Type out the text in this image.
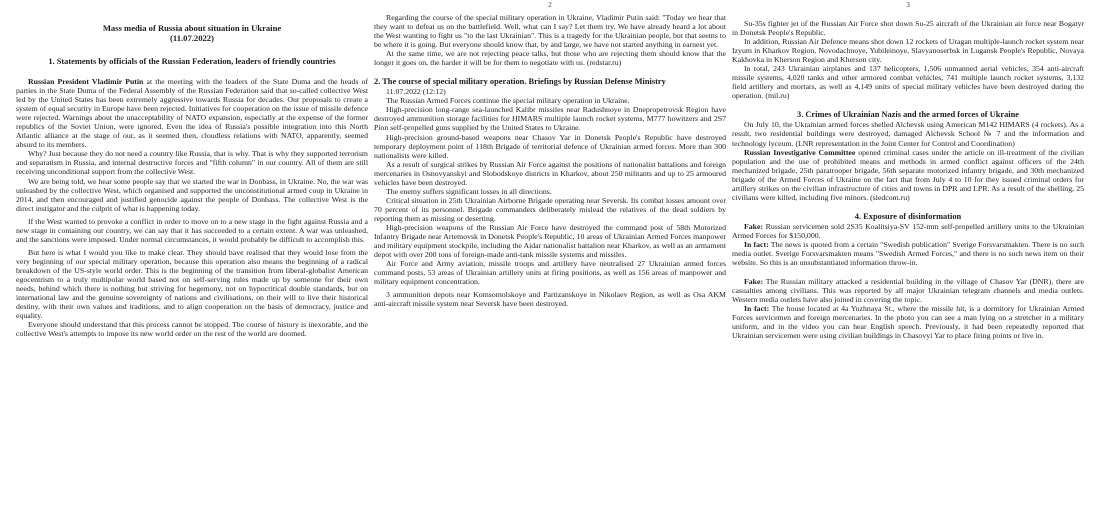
Mass media of Russia about situation in Ukraine

(11.07.2022)

1. Statements by officials of the Russian Federation, leaders of friendly countries

Russian President Vladimir Putin at the meeting with the leaders of the State Duma and the heads of parties in the State Duma of the Federal Assembly of the Russian Federation said that so-called collective West led by the United States has been extremely aggressive towards Russia for decades. Our proposals to create a system of equal security in Europe have been rejected. Initiatives for cooperation on the issue of missile defence were rejected. Warnings about the unacceptability of NATO expansion, especially at the expense of the former republics of the Soviet Union, were ignored. Even the idea of Russia's possible integration into this North Atlantic alliance at the stage of our, as it seemed then, cloudless relations with NATO, apparently, seemed absurd to its members.

Why? Just because they do not need a country like Russia, that is why. That is why they supported terrorism and separatism in Russia, and internal destructive forces and "fifth column" in our country. All of them are still receiving unconditional support from the collective West.

We are being told, we hear some people say that we started the war in Donbass, in Ukraine. No, the war was unleashed by the collective West, which organised and supported the unconstitutional armed coup in Ukraine in 2014, and then encouraged and justified genocide against the people of Donbass. The collective West is the direct instigator and the culprit of what is happening today.

If the West wanted to provoke a conflict in order to move on to a new stage in the fight against Russia and a new stage in containing our country, we can say that it has succeeded to a certain extent. A war was unleashed, and the sanctions were imposed. Under normal circumstances, it would probably be difficult to accomplish this.

But here is what I would you like to make clear. They should have realised that they would lose from the very beginning of our special military operation, because this operation also means the beginning of a radical breakdown of the US-style world order. This is the beginning of the transition from liberal-globalist American egocentrism to a truly multipolar world based not on self-serving rules made up by someone for their own needs, behind which there is nothing but striving for hegemony, not on hypocritical double standards, but on international law and the genuine sovereignty of nations and civilisations, on their will to live their historical destiny, with their own values and traditions, and to align cooperation on the basis of democracy, justice and equality.

Everyone should understand that this process cannot be stopped. The course of history is inexorable, and the collective West's attempts to impose its new world order on the rest of the world are doomed.

2

Regarding the course of the special military operation in Ukraine, Vladimir Putin said: "Today we hear that they want to defeat us on the battlefield. Well, what can I say? Let them try. We have already heard a lot about the West wanting to fight us "to the last Ukrainian". This is a tragedy for the Ukrainian people, but that seems to be where it is going. But everyone should know that, by and large, we have not started anything in earnest yet.

At the same time, we are not rejecting peace talks, but those who are rejecting them should know that the longer it goes on, the harder it will be for them to negotiate with us. (redstar.ru)

2. The course of special military operation. Briefings by Russian Defense Ministry

11.07.2022 (12:12)

The Russian Armed Forces continue the special military operation in Ukraine.

High-precision long-range sea-launched Kalibr missiles near Radushnoye in Dnepropetrovsk Region have destroyed ammunition storage facilities for HIMARS multiple launch rocket systems, M777 howitzers and 2S7 Pion self-propelled guns supplied by the United States to Ukraine.

High-precision ground-based weapons near Chasov Yar in Donetsk People's Republic have destroyed temporary deployment point of 118th Brigade of territorial defence of Ukrainian armed forces. More than 300 nationalists were killed.

As a result of surgical strikes by Russian Air Force against the positions of nationalist battalions and foreign mercenaries in Osnovyanskyi and Slobodskoye districts in Kharkov, about 250 militants and up to 25 armoured vehicles have been destroyed.

The enemy suffers significant losses in all directions.

Critical situation in 25th Ukrainian Airborne Brigade operating near Seversk. Its combat losses amount over 70 percent of its personnel. Brigade commanders deliberately mislead the relatives of the dead soldiers by reporting them as missing or deserting.

High-precision weapons of the Russian Air Force have destroyed the command post of 58th Motorized Infantry Brigade near Artemovsk in Donetsk People's Republic, 10 areas of Ukrainian Armed Forces manpower and military equipment stockpile, including the Aidar nationalist battalion near Kharkov, as well as an armament depot with over 200 tons of foreign-made anti-tank missile systems and missiles.

Air Force and Army aviation, missile troops and artillery have neutralised 27 Ukrainian armed forces command posts, 53 areas of Ukrainian artillery units at firing positions, as well as 156 areas of manpower and military equipment concentration.

3 ammunition depots near Komsomolskoye and Partizanskoye in Nikolaev Region, as well as Osa AKM anti-aircraft missile system near Seversk have been destroyed.

3

Su-35s fighter jet of the Russian Air Force shot down Su-25 aircraft of the Ukrainian air force near Bogatyr in Donetsk People's Republic.

In addition, Russian Air Defence means shot down 12 rockets of Uragan multiple-launch rocket system near Izyum in Kharkov Region, Novodachnoye, Yubileinoye, Slavyanoserbsk in Lugansk People's Republic, Novaya Kakhovka in Kherson Region and Kherson city.

In total, 243 Ukrainian airplanes and 137 helicopters, 1,506 unmanned aerial vehicles, 354 anti-aircraft missile systems, 4,020 tanks and other armored combat vehicles, 741 multiple launch rocket systems, 3,132 field artillery and mortars, as well as 4,149 units of special military vehicles have been destroyed during the operation. (mil.ru)

3. Crimes of Ukrainian Nazis and the armed forces of Ukraine

On July 10, the Ukrainian armed forces shelled Alchevsk using American M142 HIMARS (4 rockets). As a result, two residential buildings were destroyed, damaged Alchevsk School № 7 and the information and technology lyceum. (LNR representation in the Joint Center for Control and Coordination)

Russian Investigative Committee opened criminal cases under the article on ill-treatment of the civilian population and the use of prohibited means and methods in armed conflict against officers of the 24th mechanized brigade, 25th paratrooper brigade, 56th separate motorized infantry brigade, and 30th mechanized brigade of the Armed Forces of Ukraine on the fact that from July 4 to 10 for they issued criminal orders for artillery strikes on the civilian infrastructure of cities and towns in DPR and LPR. As a result of the shelling, 25 civilians were killed, including five minors. (sledcom.ru)

4. Exposure of disinformation

Fake: Russian servicemen sold 2S35 Koalitsiya-SV 152-mm self-propelled artillery units to the Ukrainian Armed Forces for $150,000.

In fact: The news is quoted from a certain "Swedish publication" Sverige Forsvarsmakten. There is no such media outlet. Sverige Forsvarsmakten means "Swedish Armed Forces," and there is no such news item on their website. So this is an unsubstantiated information throw-in.

Fake: The Russian military attacked a residential building in the village of Chasov Yar (DNR), there are casualties among civilians. This was reported by all major Ukrainian telegram channels and media outlets. Western media outlets have also joined in covering the topic.

In fact: The house located at 4a Yuzhnaya St., where the missile hit, is a dormitory for Ukrainian Armed Forces servicemen and foreign mercenaries. In the photo you can see a man lying on a stretcher in a military uniform, and in the video you can hear English speech. Previously, it had been repeatedly reported that Ukrainian servicemen were using civilian buildings in Chasovyi Yar to place firing points or live in.
